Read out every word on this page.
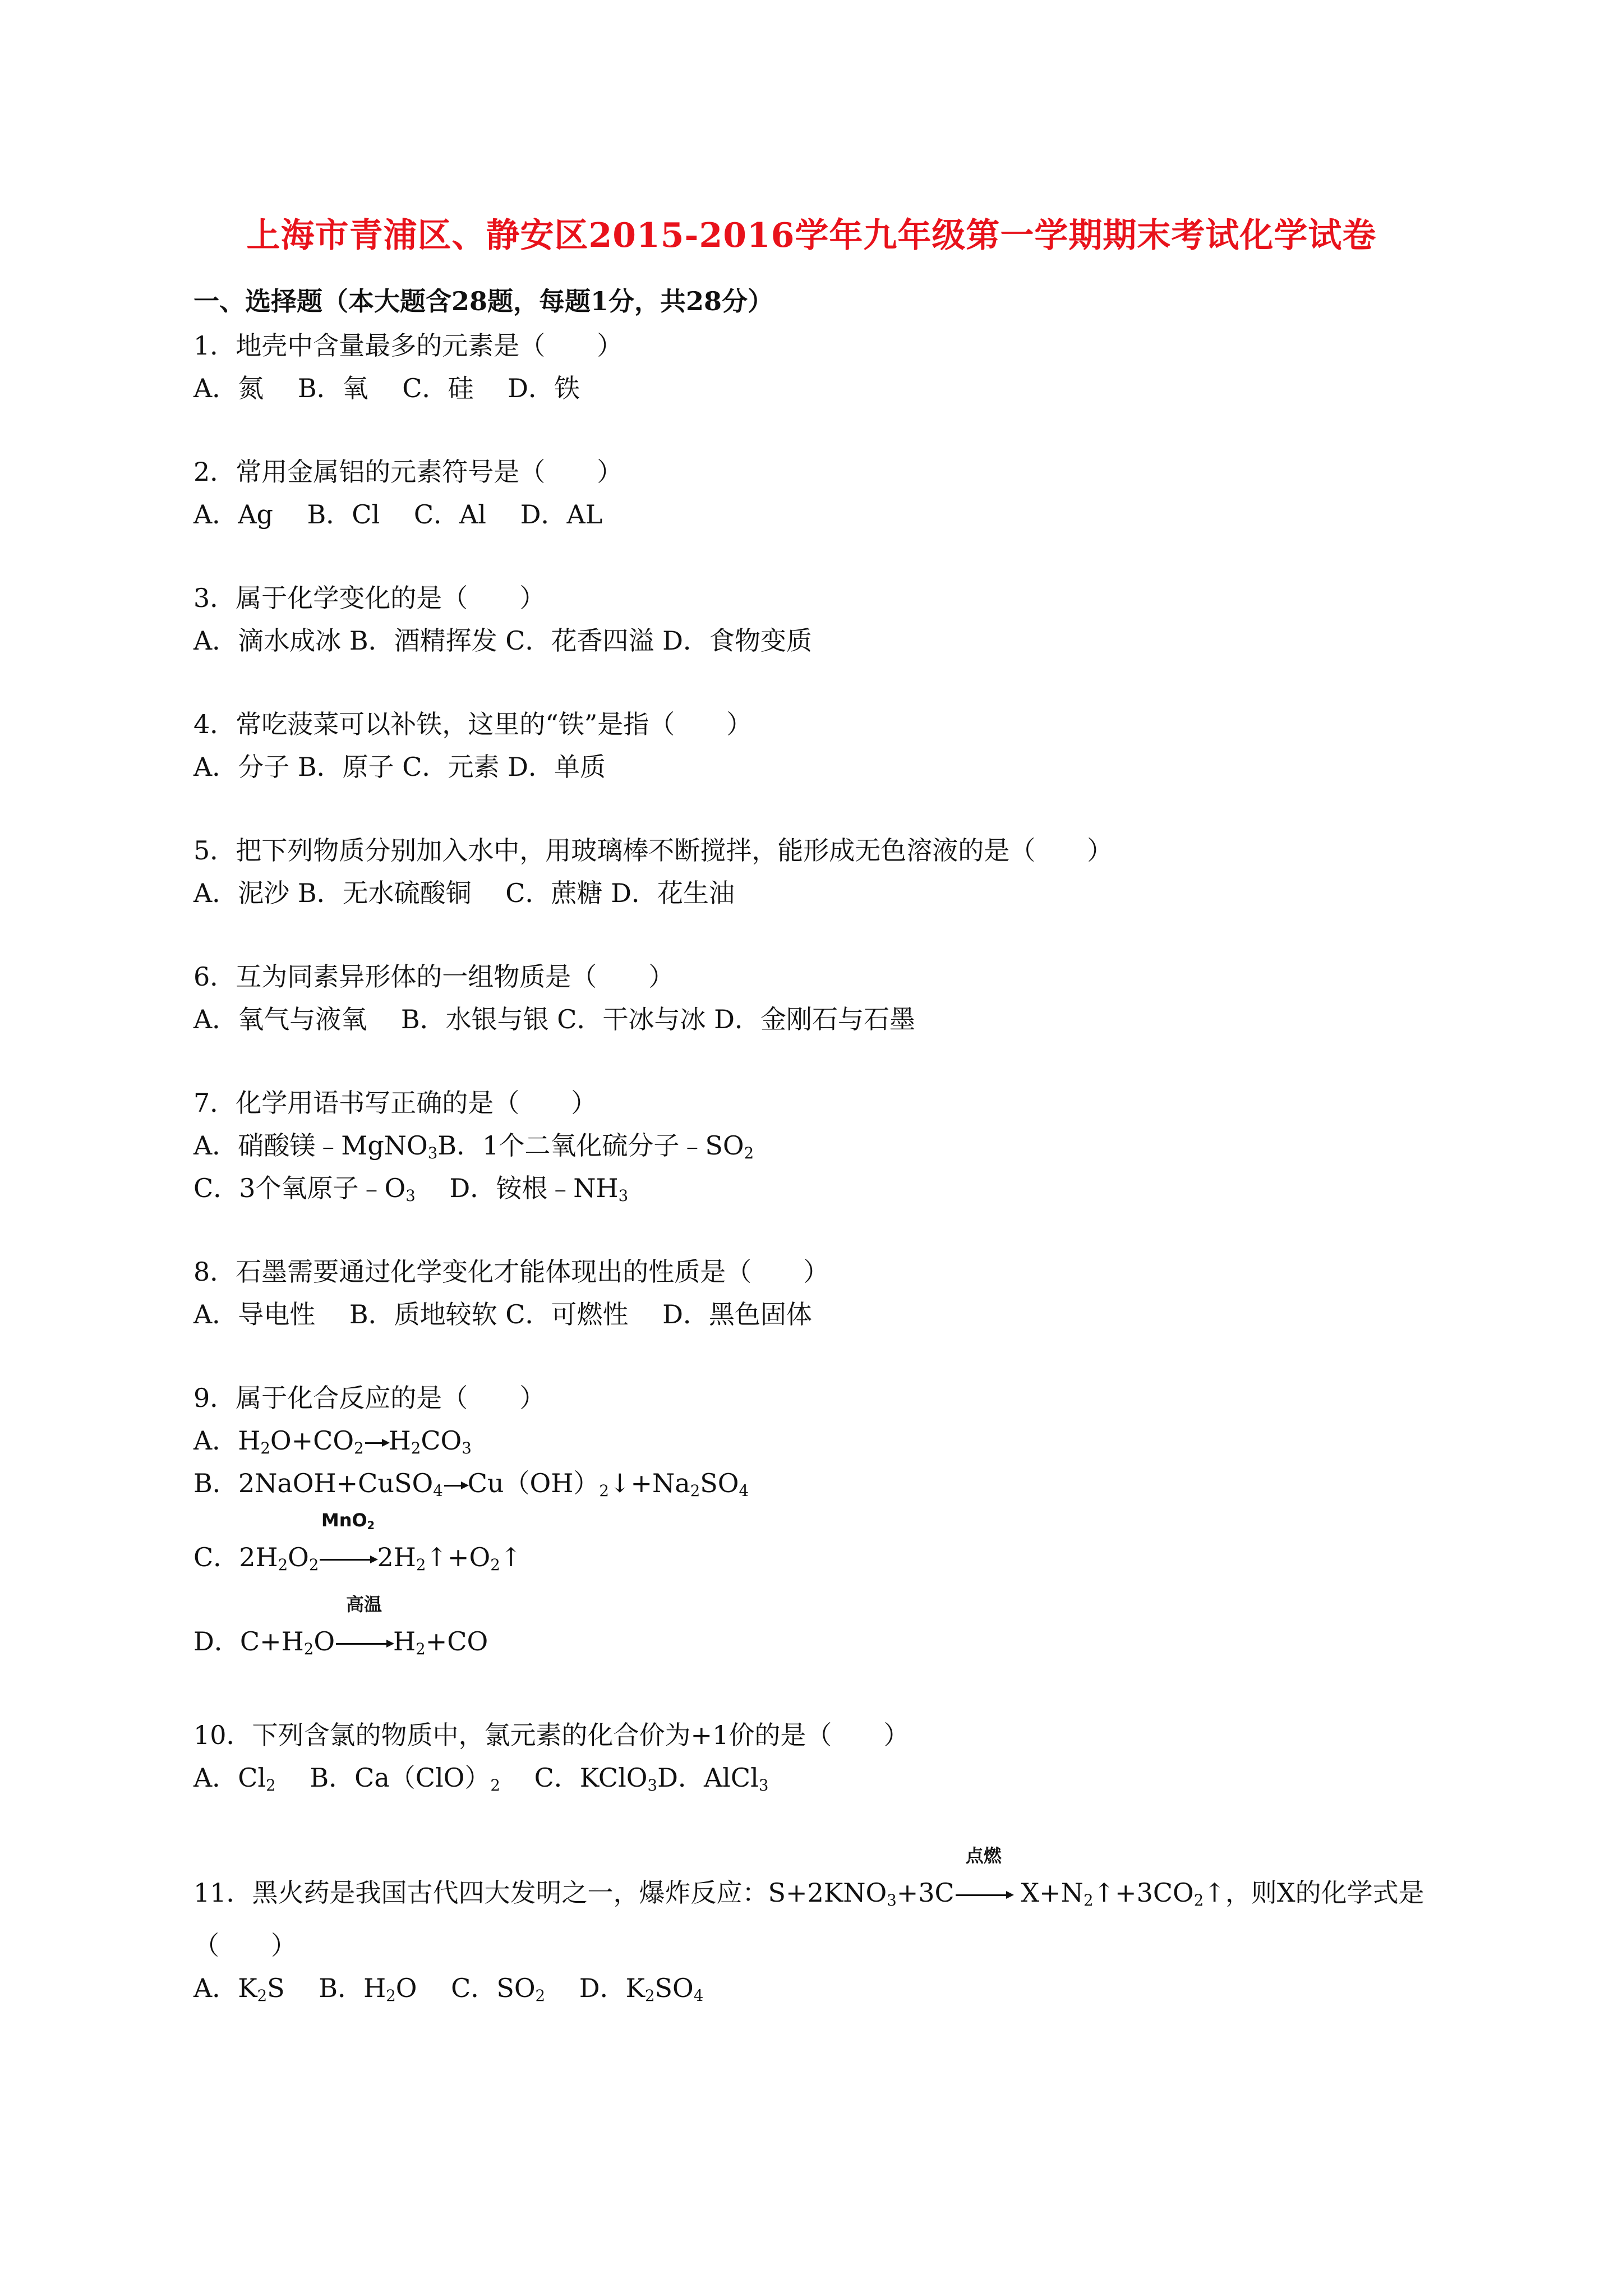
上海市青浦区、静安区2015-2016学年九年级第一学期期末考试化学试卷
一、选择题（本大题含28题，每题1分，共28分）
1．地壳中含量最多的元素是（　　）
A．氮　 B．氧　 C．硅　 D．铁
2．常用金属铝的元素符号是（　　）
A．Ag　 B．Cl　 C．Al　 D．AL
3．属于化学变化的是（　　）
A．滴水成冰 B．酒精挥发 C．花香四溢 D．食物变质
4．常吃菠菜可以补铁，这里的“铁”是指（　　）
A．分子 B．原子 C．元素 D．单质
5．把下列物质分别加入水中，用玻璃棒不断搅拌，能形成无色溶液的是（　　）
A．泥沙 B．无水硫酸铜　 C．蔗糖 D．花生油
6．互为同素异形体的一组物质是（　　）
A．氧气与液氧　 B．水银与银 C．干冰与冰 D．金刚石与石墨
7．化学用语书写正确的是（　　）
A．硝酸镁﹣MgNO$_3$B．1个二氧化硫分子$﹣SO_2$
C．3个氧原子$﹣O_3$　 D．铵根$﹣NH_3$
8．石墨需要通过化学变化才能体现出的性质是（　　）
A．导电性　 B．质地较软 C．可燃性　 D．黑色固体
9．属于化合反应的是（　　）
A．$H_2O+CO_2 \to H_2CO_3$
B．2NaOH+CuSO$_4$ → $Cu(OH)_2↓+Na_2SO_4$
C．$2H_2O_2$
MnO$_2$
$2H_2↑+O_2↑$
D．$C+H_2O$
高温
$H_2+CO$
10．下列含氯的物质中，氯元素的化合价为+1价的是（　　）
A．$Cl_2$　 B．$Ca(ClO)_2$　 C．KClO$_3$D．AlCl$_3$
11．黑火药是我国古代四大发明之一，爆炸反应：$S+2KNO_3+3C$
点燃
$X+N_2↑+3CO_2↑$，则X的化学式是
（　　）
A．$K_2S$　 B．$H_2O$　 C．$SO_2$　 D．$K_2SO_4$
